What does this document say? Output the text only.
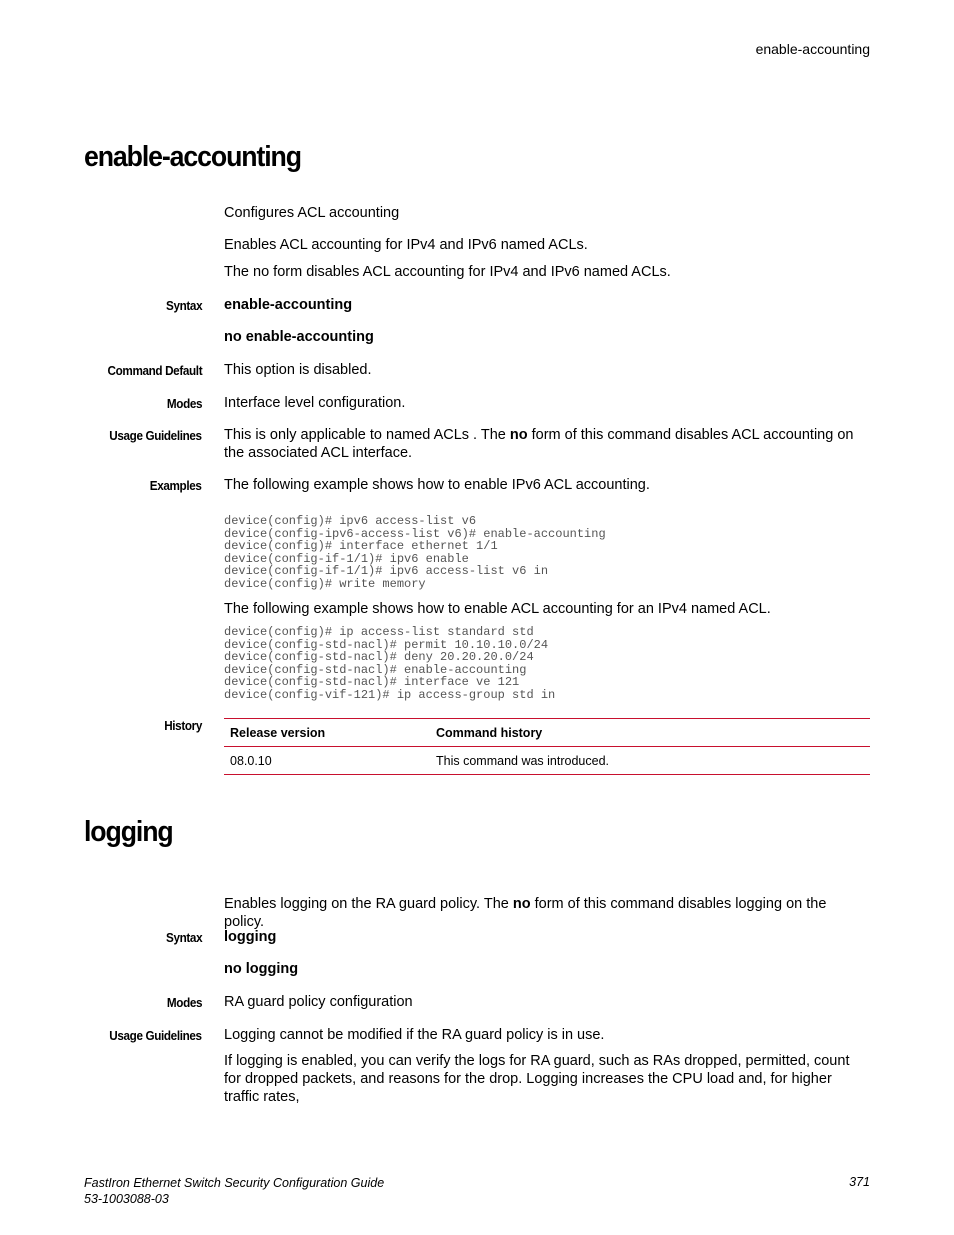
enable-accounting
enable-accounting
Configures ACL accounting
Enables ACL accounting for IPv4 and IPv6 named ACLs.
The no form disables ACL accounting for IPv4 and IPv6 named ACLs.
Syntax enable-accounting
no enable-accounting
Command Default This option is disabled.
Modes Interface level configuration.
Usage Guidelines This is only applicable to named ACLs . The no form of this command disables ACL accounting on the associated ACL interface.
Examples The following example shows how to enable IPv6 ACL accounting.
device(config)# ipv6 access-list v6
device(config-ipv6-access-list v6)# enable-accounting
device(config)# interface ethernet 1/1
device(config-if-1/1)# ipv6 enable
device(config-if-1/1)# ipv6 access-list v6 in
device(config)# write memory
The following example shows how to enable ACL accounting for an IPv4 named ACL.
device(config)# ip access-list standard std
device(config-std-nacl)# permit 10.10.10.0/24
device(config-std-nacl)# deny 20.20.20.0/24
device(config-std-nacl)# enable-accounting
device(config-std-nacl)# interface ve 121
device(config-vif-121)# ip access-group std in
History Release version	Command history
08.0.10	This command was introduced.
logging
Enables logging on the RA guard policy. The no form of this command disables logging on the policy.
Syntax logging
no logging
Modes RA guard policy configuration
Usage Guidelines Logging cannot be modified if the RA guard policy is in use.
If logging is enabled, you can verify the logs for RA guard, such as RAs dropped, permitted, count for dropped packets, and reasons for the drop. Logging increases the CPU load and, for higher traffic rates,
FastIron Ethernet Switch Security Configuration Guide
53-1003088-03
371
